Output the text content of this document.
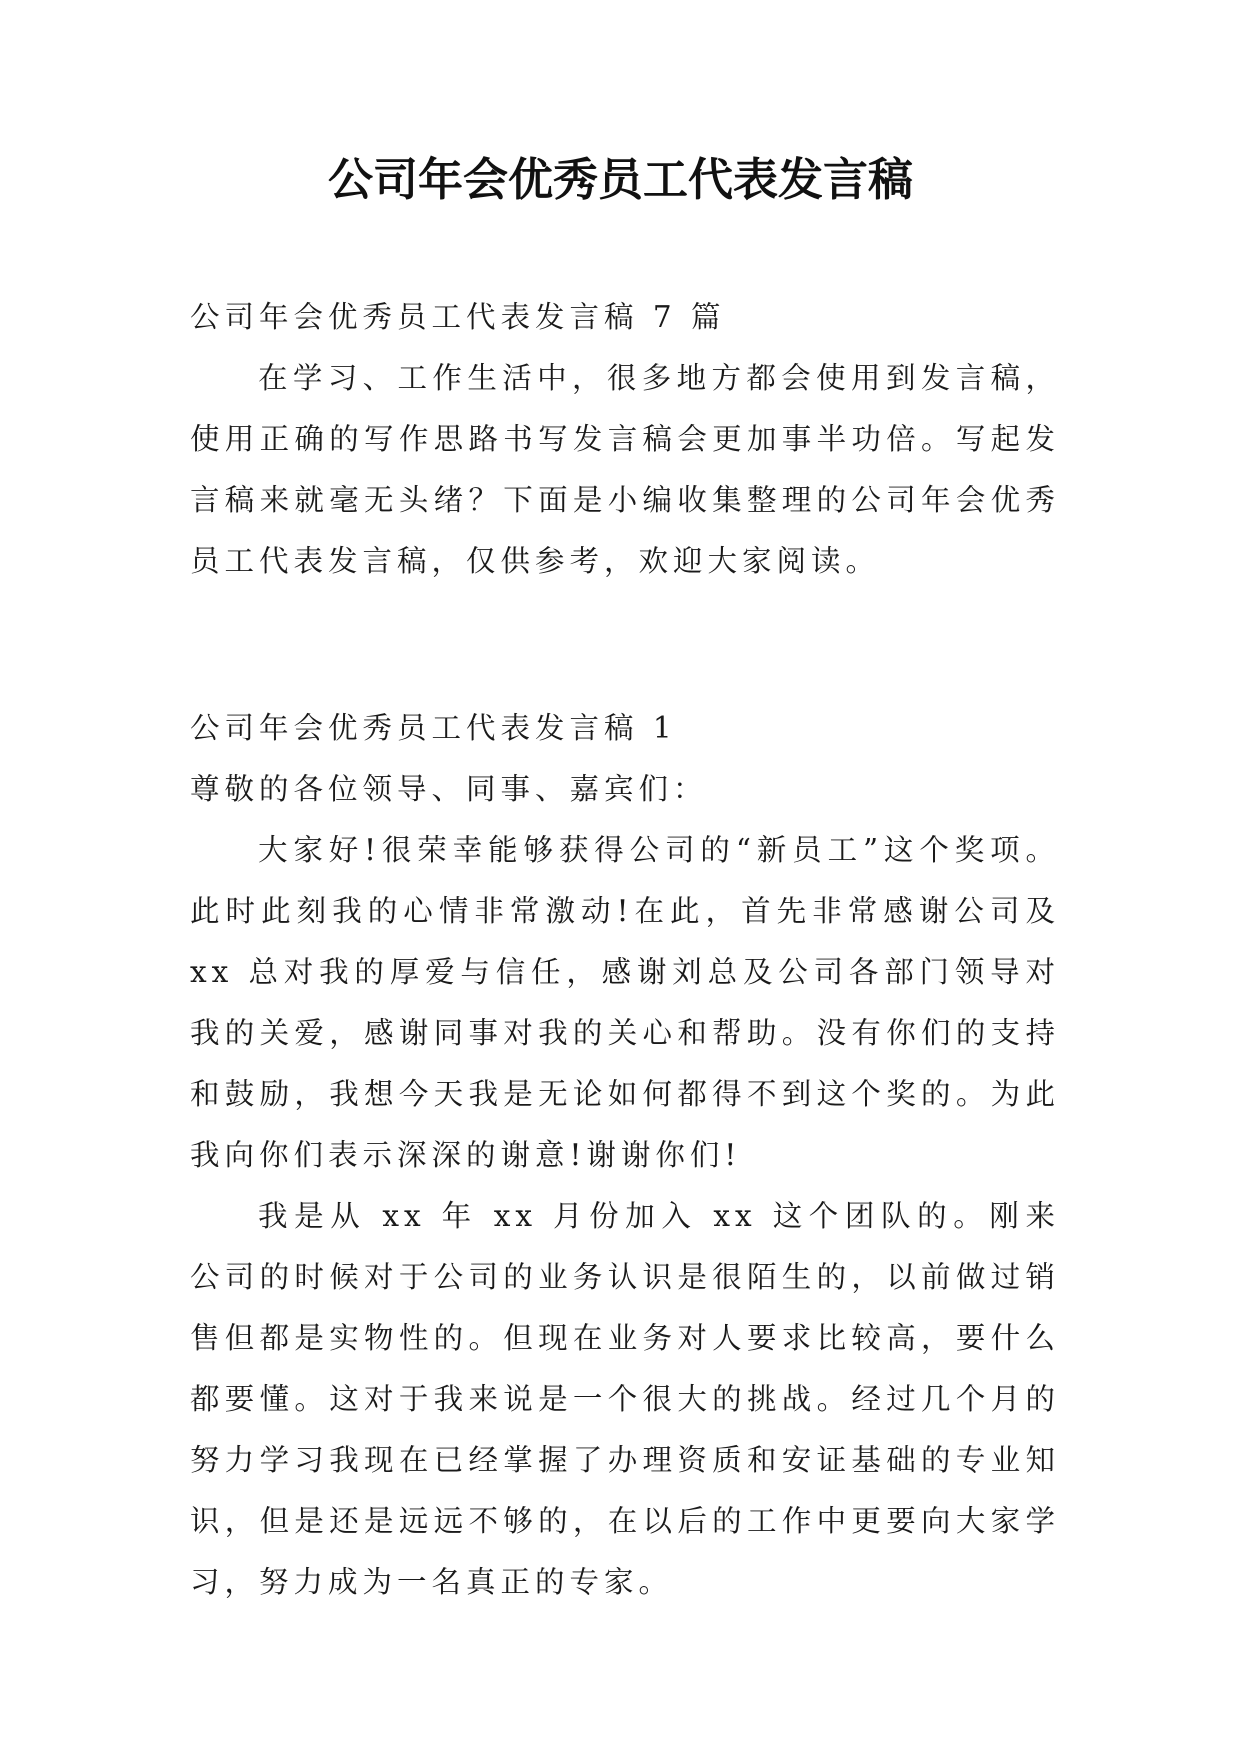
公司年会优秀员工代表发言稿

公司年会优秀员工代表发言稿 7 篇

在学习、工作生活中，很多地方都会使用到发言稿，使用正确的写作思路书写发言稿会更加事半功倍。写起发言稿来就毫无头绪？下面是小编收集整理的公司年会优秀员工代表发言稿，仅供参考，欢迎大家阅读。

公司年会优秀员工代表发言稿 1

尊敬的各位领导、同事、嘉宾们：

大家好!很荣幸能够获得公司的“新员工”这个奖项。此时此刻我的心情非常激动!在此，首先非常感谢公司及 xx 总对我的厚爱与信任，感谢刘总及公司各部门领导对我的关爱，感谢同事对我的关心和帮助。没有你们的支持和鼓励，我想今天我是无论如何都得不到这个奖的。为此我向你们表示深深的谢意!谢谢你们!

我是从 xx 年 xx 月份加入 xx 这个团队的。刚来公司的时候对于公司的业务认识是很陌生的，以前做过销售但都是实物性的。但现在业务对人要求比较高，要什么都要懂。这对于我来说是一个很大的挑战。经过几个月的努力学习我现在已经掌握了办理资质和安证基础的专业知识，但是还是远远不够的，在以后的工作中更要向大家学习，努力成为一名真正的专家。
